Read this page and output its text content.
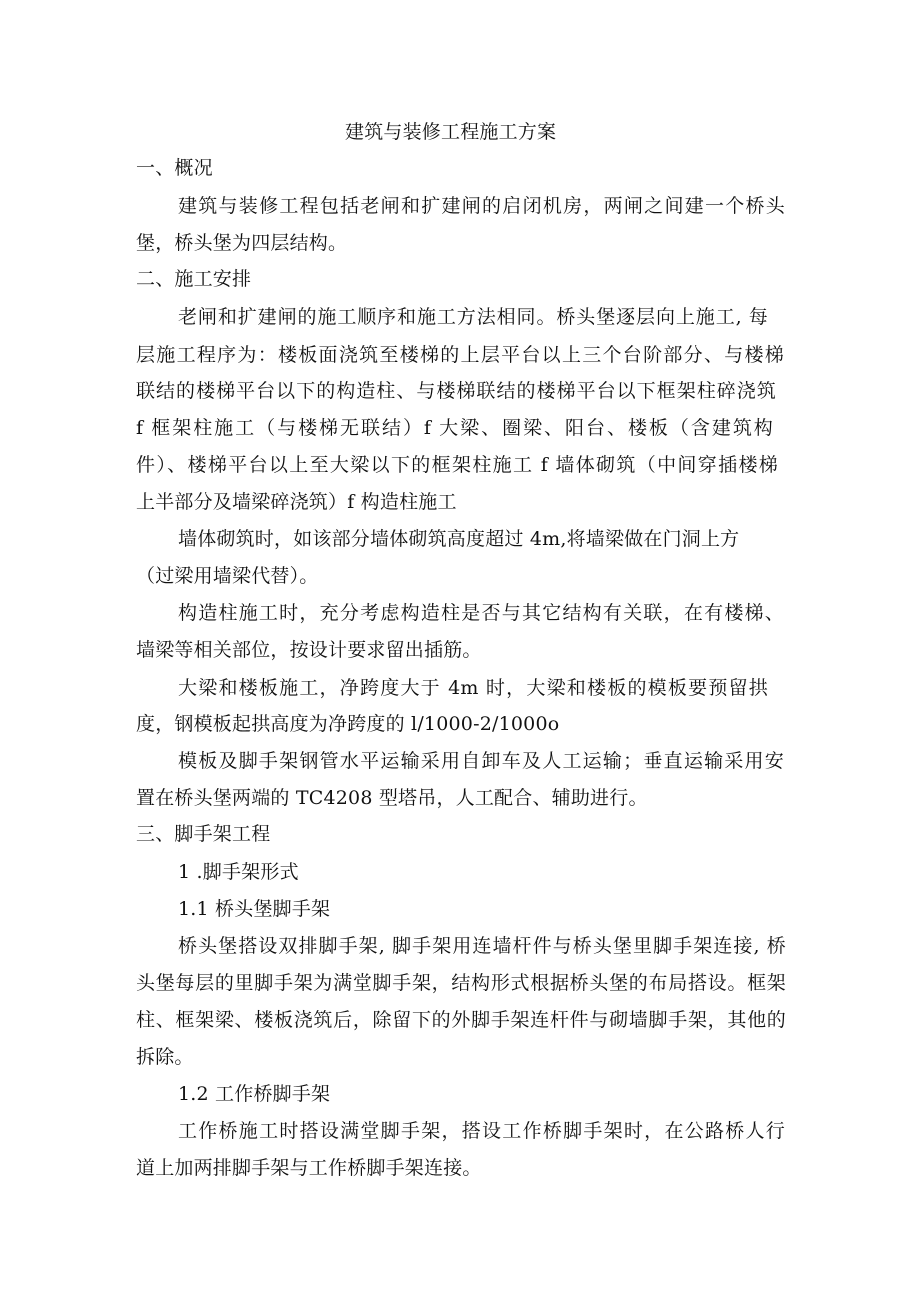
建筑与装修工程施工方案
一、概况
建筑与装修工程包括老闸和扩建闸的启闭机房，两闸之间建一个桥头
堡，桥头堡为四层结构。
二、施工安排
老闸和扩建闸的施工顺序和施工方法相同。桥头堡逐层向上施工, 每
层施工程序为：楼板面浇筑至楼梯的上层平台以上三个台阶部分、与楼梯
联结的楼梯平台以下的构造柱、与楼梯联结的楼梯平台以下框架柱碎浇筑
f 框架柱施工（与楼梯无联结）f 大梁、圈梁、阳台、楼板（含建筑构
件）、楼梯平台以上至大梁以下的框架柱施工 f 墙体砌筑（中间穿插楼梯
上半部分及墙梁碎浇筑）f 构造柱施工
墙体砌筑时，如该部分墙体砌筑高度超过 4m,将墙梁做在门洞上方
（过梁用墙梁代替）。
构造柱施工时，充分考虑构造柱是否与其它结构有关联，在有楼梯、
墙梁等相关部位，按设计要求留出插筋。
大梁和楼板施工，净跨度大于 4m 时，大梁和楼板的模板要预留拱
度，钢模板起拱高度为净跨度的 l∕1000-2∕1000o
模板及脚手架钢管水平运输采用自卸车及人工运输；垂直运输采用安
置在桥头堡两端的 TC4208 型塔吊，人工配合、辅助进行。
三、脚手架工程
1 .脚手架形式
1.1 桥头堡脚手架
桥头堡搭设双排脚手架, 脚手架用连墙杆件与桥头堡里脚手架连接, 桥
头堡每层的里脚手架为满堂脚手架，结构形式根据桥头堡的布局搭设。框架
柱、框架梁、楼板浇筑后，除留下的外脚手架连杆件与砌墙脚手架，其他的
拆除。
1.2 工作桥脚手架
工作桥施工时搭设满堂脚手架，搭设工作桥脚手架时，在公路桥人行
道上加两排脚手架与工作桥脚手架连接。
